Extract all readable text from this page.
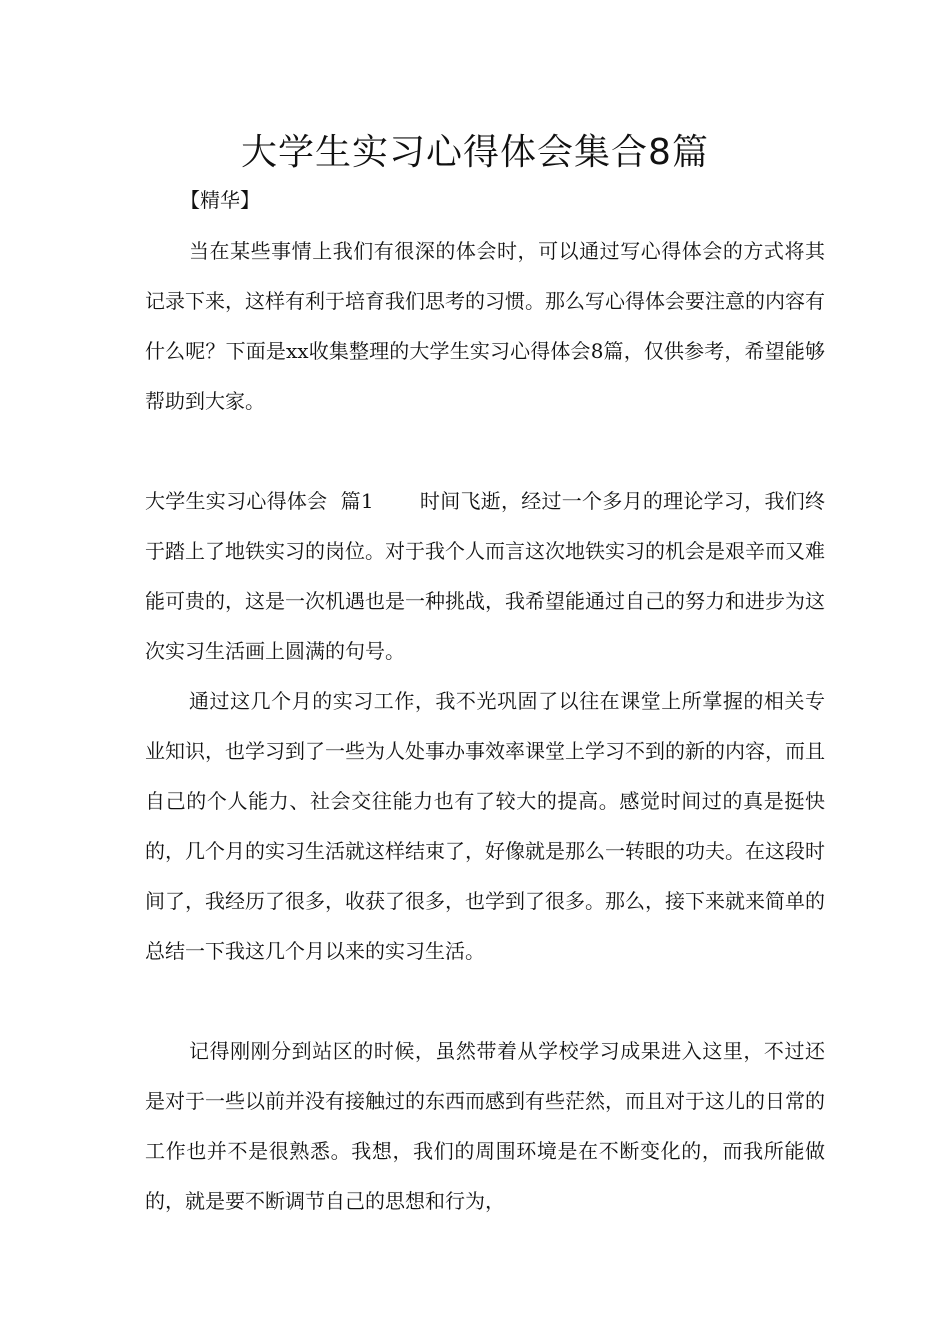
大学生实习心得体会集合8篇
【精华】
当在某些事情上我们有很深的体会时，可以通过写心得体会的方式将其记录下来，这样有利于培育我们思考的习惯。那么写心得体会要注意的内容有什么呢？下面是xx收集整理的大学生实习心得体会8篇，仅供参考，希望能够帮助到大家。
大学生实习心得体会  篇1 时间飞逝，经过一个多月的理论学习，我们终于踏上了地铁实习的岗位。对于我个人而言这次地铁实习的机会是艰辛而又难能可贵的，这是一次机遇也是一种挑战，我希望能通过自己的努力和进步为这次实习生活画上圆满的句号。
通过这几个月的实习工作，我不光巩固了以往在课堂上所掌握的相关专业知识，也学习到了一些为人处事办事效率课堂上学习不到的新的内容，而且自己的个人能力、社会交往能力也有了较大的提高。感觉时间过的真是挺快的，几个月的实习生活就这样结束了，好像就是那么一转眼的功夫。在这段时间了，我经历了很多，收获了很多，也学到了很多。那么，接下来就来简单的总结一下我这几个月以来的实习生活。
记得刚刚分到站区的时候，虽然带着从学校学习成果进入这里，不过还是对于一些以前并没有接触过的东西而感到有些茫然，而且对于这儿的日常的工作也并不是很熟悉。我想，我们的周围环境是在不断变化的，而我所能做的，就是要不断调节自己的思想和行为，
